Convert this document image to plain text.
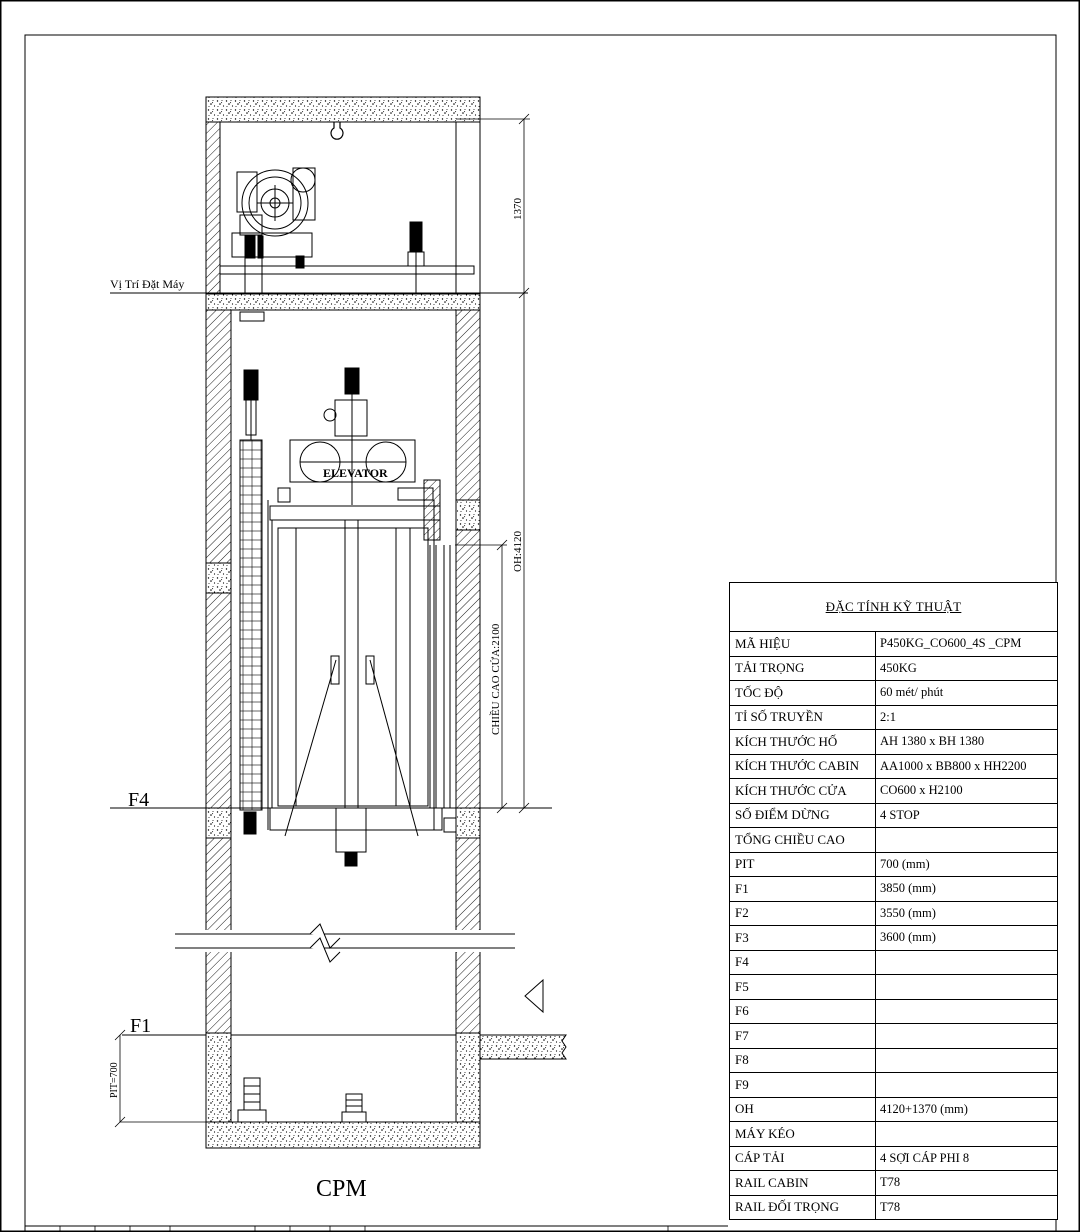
Vị Trí Đặt Máy
ELEVATOR
F4
F1
1370
OH:4120
CHIỀU CAO CỬA:2100
PIT=700
CPM
ĐẶC TÍNH KỸ THUẬT
MÃ HIỆU	P450KG_CO600_4S _CPM
TẢI TRỌNG	450KG
TỐC ĐỘ	60 mét/ phút
TỈ SỐ TRUYỀN	2:1
KÍCH THƯỚC HỐ	AH 1380 x BH 1380
KÍCH THƯỚC CABIN	AA1000 x BB800 x HH2200
KÍCH THƯỚC CỬA	CO600 x H2100
SỐ ĐIỂM DỪNG	4 STOP
TỔNG CHIỀU CAO
PIT	700 (mm)
F1	3850 (mm)
F2	3550 (mm)
F3	3600 (mm)
F4
F5
F6
F7
F8
F9
OH	4120+1370 (mm)
MÁY KÉO
CÁP TẢI	4 SỢI CÁP PHI 8
RAIL CABIN	T78
RAIL ĐỐI TRỌNG	T78
